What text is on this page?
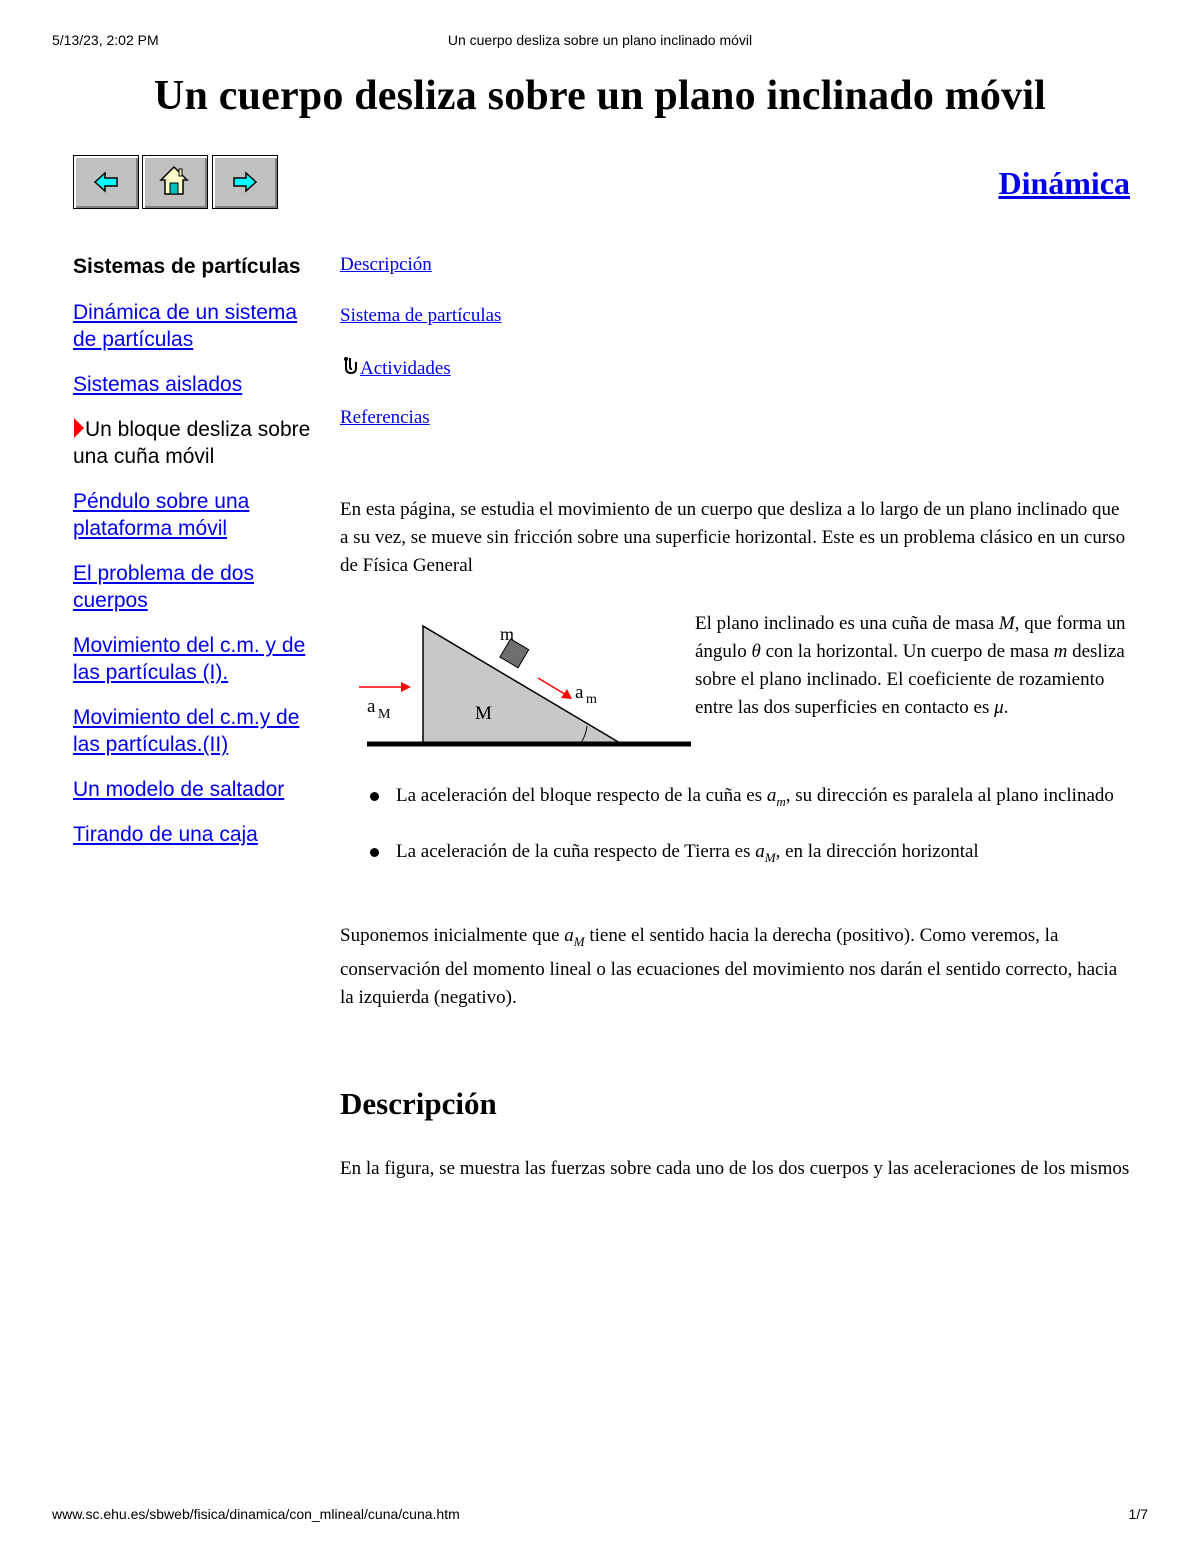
5/13/23, 2:02 PM	Un cuerpo desliza sobre un plano inclinado móvil
Un cuerpo desliza sobre un plano inclinado móvil
Dinámica
Sistemas de partículas
Dinámica de un sistema de partículas
Sistemas aislados
Un bloque desliza sobre una cuña móvil
Péndulo sobre una plataforma móvil
El problema de dos cuerpos
Movimiento del c.m. y de las partículas (I).
Movimiento del c.m.y de las partículas.(II)
Un modelo de saltador
Tirando de una caja
Descripción
Sistema de partículas
Actividades
Referencias

En esta página, se estudia el movimiento de un cuerpo que desliza a lo largo de un plano inclinado que a su vez, se mueve sin fricción sobre una superficie horizontal. Este es un problema clásico en un curso de Física General

m
M
a m
a M

El plano inclinado es una cuña de masa M, que forma un ángulo θ con la horizontal. Un cuerpo de masa m desliza sobre el plano inclinado. El coeficiente de rozamiento entre las dos superficies en contacto es μ.

La aceleración del bloque respecto de la cuña es $a_m$, su dirección es paralela al plano inclinado
La aceleración de la cuña respecto de Tierra es $a_M$, en la dirección horizontal

Suponemos inicialmente que $a_M$ tiene el sentido hacia la derecha (positivo). Como veremos, la conservación del momento lineal o las ecuaciones del movimiento nos darán el sentido correcto, hacia la izquierda (negativo).

Descripción

En la figura, se muestra las fuerzas sobre cada uno de los dos cuerpos y las aceleraciones de los mismos

www.sc.ehu.es/sbweb/fisica/dinamica/con_mlineal/cuna/cuna.htm	1/7
